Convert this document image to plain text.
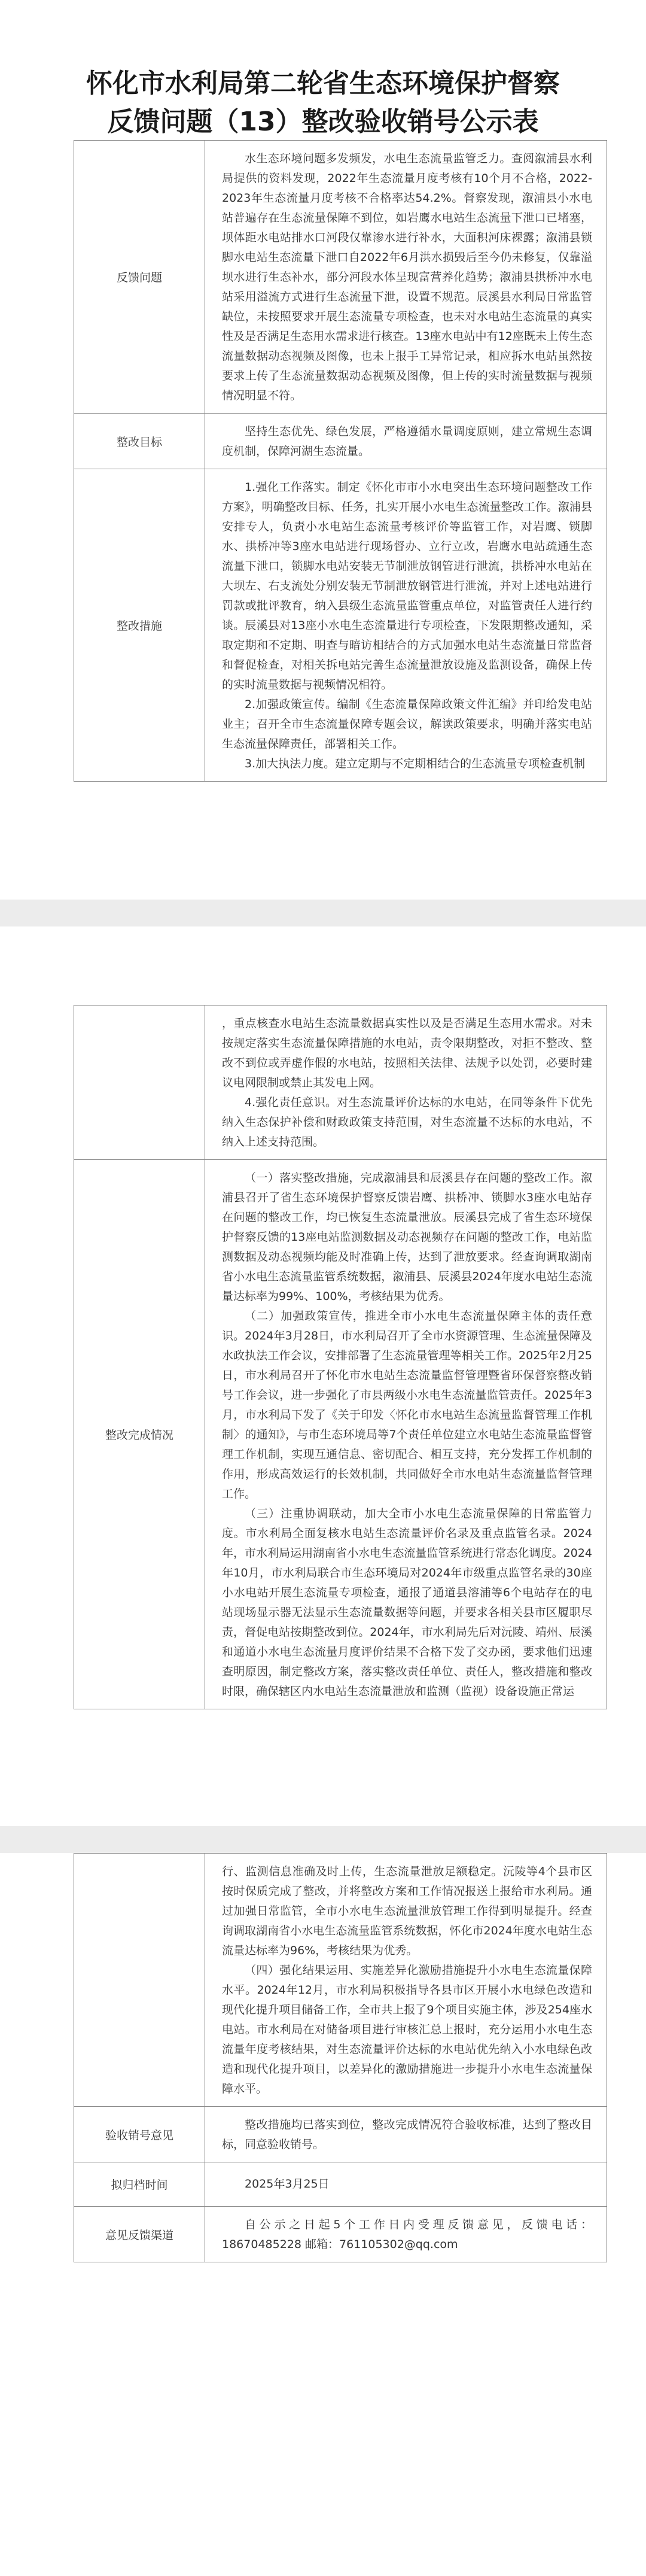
怀化市水利局第二轮省生态环境保护督察
反馈问题（13）整改验收销号公示表
反馈问题	水生态环境问题多发频发，水电生态流量监管乏力。查阅溆浦县水利局提供的资料发现，2022年生态流量月度考核有10个月不合格，2022-2023年生态流量月度考核不合格率达54.2%。督察发现，溆浦县小水电站普遍存在生态流量保障不到位，如岩鹰水电站生态流量下泄口已堵塞，坝体距水电站排水口河段仅靠渗水进行补水，大面积河床裸露；溆浦县锁脚水电站生态流量下泄口自2022年6月洪水损毁后至今仍未修复，仅靠溢坝水进行生态补水，部分河段水体呈现富营养化趋势；溆浦县拱桥冲水电站采用溢流方式进行生态流量下泄，设置不规范。辰溪县水利局日常监管缺位，未按照要求开展生态流量专项检查，也未对水电站生态流量的真实性及是否满足生态用水需求进行核查。13座水电站中有12座既未上传生态流量数据动态视频及图像，也未上报手工异常记录，相应拆水电站虽然按要求上传了生态流量数据动态视频及图像，但上传的实时流量数据与视频情况明显不符。

整改目标	坚持生态优先、绿色发展，严格遵循水量调度原则，建立常规生态调度机制，保障河湖生态流量。

整改措施	1.强化工作落实。制定《怀化市市小水电突出生态环境问题整改工作方案》，明确整改目标、任务，扎实开展小水电生态流量整改工作。溆浦县安排专人，负责小水电站生态流量考核评价等监管工作，对岩鹰、锁脚水、拱桥冲等3座水电站进行现场督办、立行立改，岩鹰水电站疏通生态流量下泄口，锁脚水电站安装无节制泄放钢管进行泄流，拱桥冲水电站在大坝左、右支流处分别安装无节制泄放钢管进行泄流，并对上述电站进行罚款或批评教育，纳入县级生态流量监管重点单位，对监管责任人进行约谈。辰溪县对13座小水电生态流量进行专项检查，下发限期整改通知，采取定期和不定期、明查与暗访相结合的方式加强水电站生态流量日常监督和督促检查，对相关拆电站完善生态流量泄放设施及监测设备，确保上传的实时流量数据与视频情况相符。

2.加强政策宣传。编制《生态流量保障政策文件汇编》并印给发电站业主；召开全市生态流量保障专题会议，解读政策要求，明确并落实电站生态流量保障责任，部署相关工作。

3.加大执法力度。建立定期与不定期相结合的生态流量专项检查机制

	，重点核查水电站生态流量数据真实性以及是否满足生态用水需求。对未按规定落实生态流量保障措施的水电站，责令限期整改，对拒不整改、整改不到位或弄虚作假的水电站，按照相关法律、法规予以处罚，必要时建议电网限制或禁止其发电上网。

4.强化责任意识。对生态流量评价达标的水电站，在同等条件下优先纳入生态保护补偿和财政政策支持范围，对生态流量不达标的水电站，不纳入上述支持范围。

整改完成情况	（一）落实整改措施，完成溆浦县和辰溪县存在问题的整改工作。溆浦县召开了省生态环境保护督察反馈岩鹰、拱桥冲、锁脚水3座水电站存在问题的整改工作，均已恢复生态流量泄放。辰溪县完成了省生态环境保护督察反馈的13座电站监测数据及动态视频存在问题的整改工作，电站监测数据及动态视频均能及时准确上传，达到了泄放要求。经查询调取湖南省小水电生态流量监管系统数据，溆浦县、辰溪县2024年度水电站生态流量达标率为99%、100%，考核结果为优秀。

（二）加强政策宣传，推进全市小水电生态流量保障主体的责任意识。2024年3月28日，市水利局召开了全市水资源管理、生态流量保障及水政执法工作会议，安排部署了生态流量管理等相关工作。2025年2月25日，市水利局召开了怀化市水电站生态流量监督管理暨省环保督察整改销号工作会议，进一步强化了市县两级小水电生态流量监管责任。2025年3月，市水利局下发了《关于印发〈怀化市水电站生态流量监督管理工作机制〉的通知》，与市生态环境局等7个责任单位建立水电站生态流量监督管理工作机制，实现互通信息、密切配合、相互支持，充分发挥工作机制的作用，形成高效运行的长效机制，共同做好全市水电站生态流量监督管理工作。

（三）注重协调联动，加大全市小水电生态流量保障的日常监管力度。市水利局全面复核水电站生态流量评价名录及重点监管名录。2024年，市水利局运用湖南省小水电生态流量监管系统进行常态化调度。2024年10月，市水利局联合市生态环境局对2024年市级重点监管名录的30座小水电站开展生态流量专项检查，通报了通道县溶浦等6个电站存在的电站现场显示器无法显示生态流量数据等问题，并要求各相关县市区履职尽责，督促电站按期整改到位。2024年，市水利局先后对沅陵、靖州、辰溪和通道小水电生态流量月度评价结果不合格下发了交办函，要求他们迅速查明原因，制定整改方案，落实整改责任单位、责任人，整改措施和整改时限，确保辖区内水电站生态流量泄放和监测（监视）设备设施正常运

	行、监测信息准确及时上传，生态流量泄放足额稳定。沅陵等4个县市区按时保质完成了整改，并将整改方案和工作情况报送上报给市水利局。通过加强日常监管，全市小水电生态流量泄放管理工作得到明显提升。经查询调取湖南省小水电生态流量监管系统数据，怀化市2024年度水电站生态流量达标率为96%，考核结果为优秀。

（四）强化结果运用、实施差异化激励措施提升小水电生态流量保障水平。2024年12月，市水利局积极指导各县市区开展小水电绿色改造和现代化提升项目储备工作，全市共上报了9个项目实施主体，涉及254座水电站。市水利局在对储备项目进行审核汇总上报时，充分运用小水电生态流量年度考核结果，对生态流量评价达标的水电站优先纳入小水电绿色改造和现代化提升项目，以差异化的激励措施进一步提升小水电生态流量保障水平。

验收销号意见	整改措施均已落实到位，整改完成情况符合验收标准，达到了整改目标，同意验收销号。

拟归档时间	2025年3月25日

意见反馈渠道	自公示之日起5个工作日内受理反馈意见，反馈电话：18670485228 邮箱：761105302@qq.com
